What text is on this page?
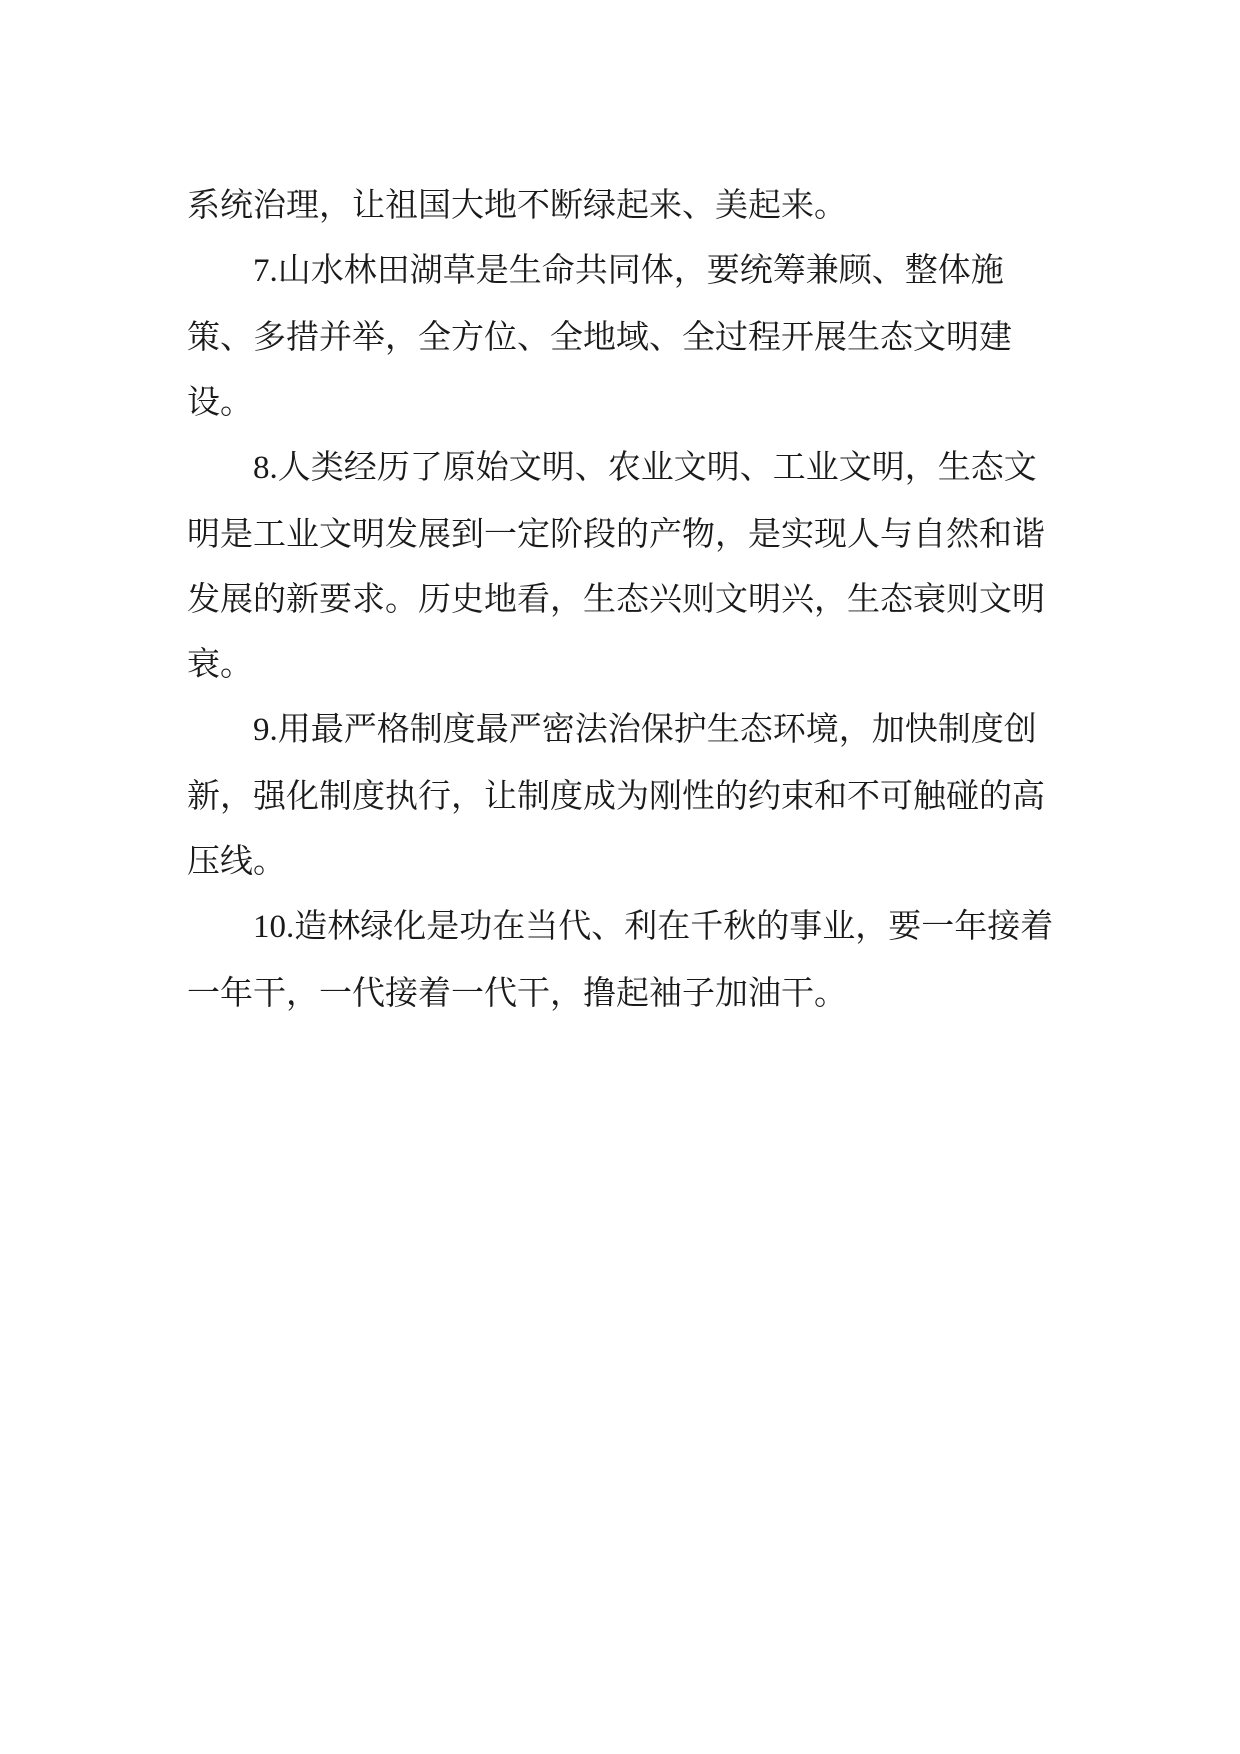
系统治理，让祖国大地不断绿起来、美起来。

7.山水林田湖草是生命共同体，要统筹兼顾、整体施策、多措并举，全方位、全地域、全过程开展生态文明建设。

8.人类经历了原始文明、农业文明、工业文明，生态文明是工业文明发展到一定阶段的产物，是实现人与自然和谐发展的新要求。历史地看，生态兴则文明兴，生态衰则文明衰。

9.用最严格制度最严密法治保护生态环境，加快制度创新，强化制度执行，让制度成为刚性的约束和不可触碰的高压线。

10.造林绿化是功在当代、利在千秋的事业，要一年接着一年干，一代接着一代干，撸起袖子加油干。
